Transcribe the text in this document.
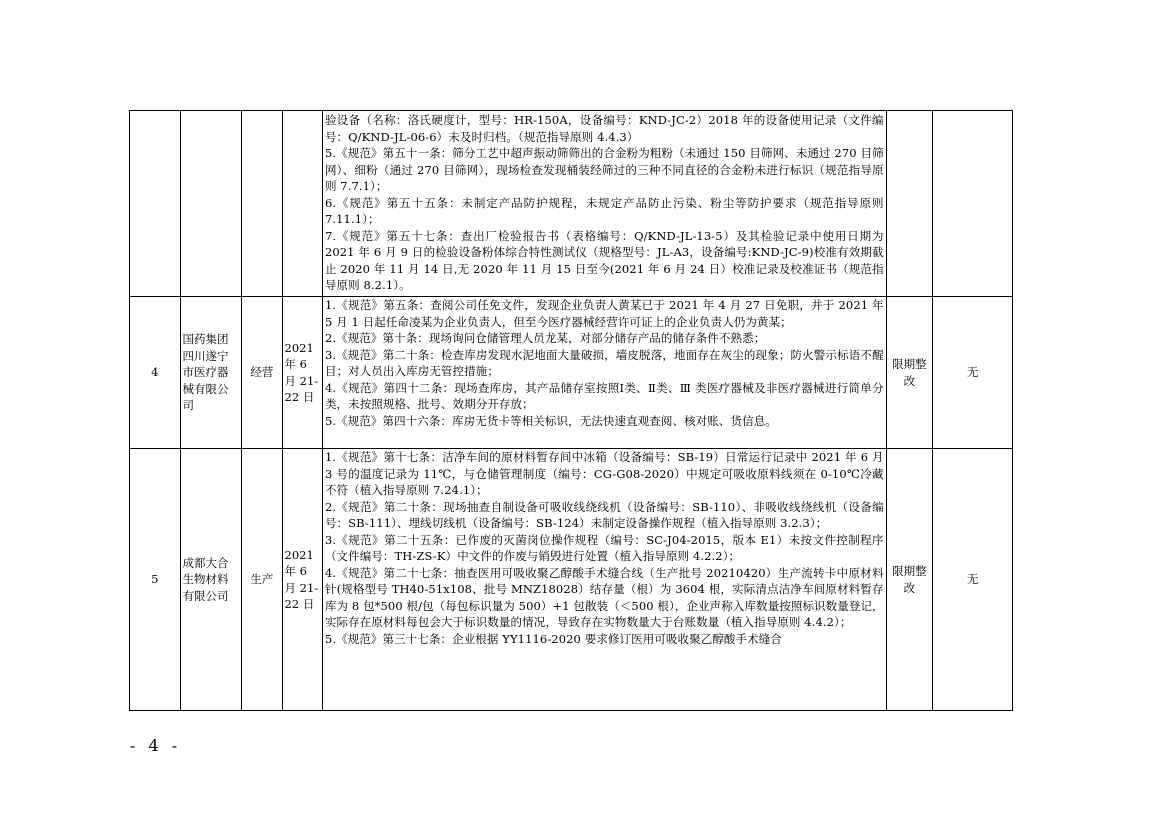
				验设备（名称：洛氏硬度计，型号：HR-150A，设备编号：KND-JC-2）2018 年的设备使用记录（文件编号：Q/KND-JL-06-6）未及时归档。（规范指导原则 4.4.3）

5.《规范》第五十一条：筛分工艺中超声振动筛筛出的合金粉为粗粉（未通过 150 目筛网、未通过 270 目筛网）、细粉（通过 270 目筛网），现场检查发现桶装经筛过的三种不同直径的合金粉未进行标识（规范指导原则 7.7.1）；

6.《规范》第五十五条：未制定产品防护规程，未规定产品防止污染、粉尘等防护要求（规范指导原则 7.11.1）；

7.《规范》第五十七条：查出厂检验报告书（表格编号：Q/KND-JL-13-5）及其检验记录中使用日期为 2021 年 6 月 9 日的检验设备粉体综合特性测试仪（规格型号：JL-A3，设备编号:KND-JC-9)校准有效期截止 2020 年 11 月 14 日,无 2020 年 11 月 15 日至今(2021 年 6 月 24 日）校准记录及校准证书（规范指导原则 8.2.1）。		

4	国药集团四川遂宁市医疗器械有限公司	经营	2021 年 6 月 21-22 日	1.《规范》第五条：查阅公司任免文件，发现企业负责人黄某已于 2021 年 4 月 27 日免职，并于 2021 年 5 月 1 日起任命凌某为企业负责人，但至今医疗器械经营许可证上的企业负责人仍为黄某；

2.《规范》第十条：现场询问仓储管理人员龙某，对部分储存产品的储存条件不熟悉；

3.《规范》第二十条：检查库房发现水泥地面大量破损，墙皮脱落，地面存在灰尘的现象；防火警示标语不醒目；对人员出入库房无管控措施；

4.《规范》第四十二条：现场查库房，其产品储存室按照Ⅰ类、Ⅱ类、Ⅲ 类医疗器械及非医疗器械进行简单分类，未按照规格、批号、效期分开存放；

5.《规范》第四十六条：库房无货卡等相关标识，无法快速直观查阅、核对账、货信息。	限期整改	无
5	成都大合生物材料有限公司	生产	2021 年 6 月 21-22 日	1.《规范》第十七条：洁净车间的原材料暂存间中冰箱（设备编号：SB-19）日常运行记录中 2021 年 6 月 3 号的温度记录为 11℃，与仓储管理制度（编号：CG-G08-2020）中规定可吸收原料线须在 0-10℃冷藏不符（植入指导原则 7.24.1）；

2.《规范》第二十条：现场抽查自制设备可吸收线绕线机（设备编号：SB-110）、非吸收线绕线机（设备编号：SB-111）、埋线切线机（设备编号：SB-124）未制定设备操作规程（植入指导原则 3.2.3）；

3.《规范》第二十五条：已作废的灭菌岗位操作规程（编号：SC-J04-2015，版本 E1）未按文件控制程序（文件编号：TH-ZS-K）中文件的作废与销毁进行处置（植入指导原则 4.2.2）；

4.《规范》第二十七条：抽查医用可吸收聚乙醇酸手术缝合线（生产批号 20210420）生产流转卡中原材料针(规格型号 TH40-51x108、批号 MNZ18028）结存量（根）为 3604 根，实际清点洁净车间原材料暂存库为 8 包*500 根/包（每包标识量为 500）+1 包散装（＜500 根），企业声称入库数量按照标识数量登记，实际存在原材料每包会大于标识数量的情况，导致存在实物数量大于台账数量（植入指导原则 4.4.2）；

5.《规范》第三十七条：企业根据 YY1116-2020 要求修订医用可吸收聚乙醇酸手术缝合	限期整改	无
- 4 -
